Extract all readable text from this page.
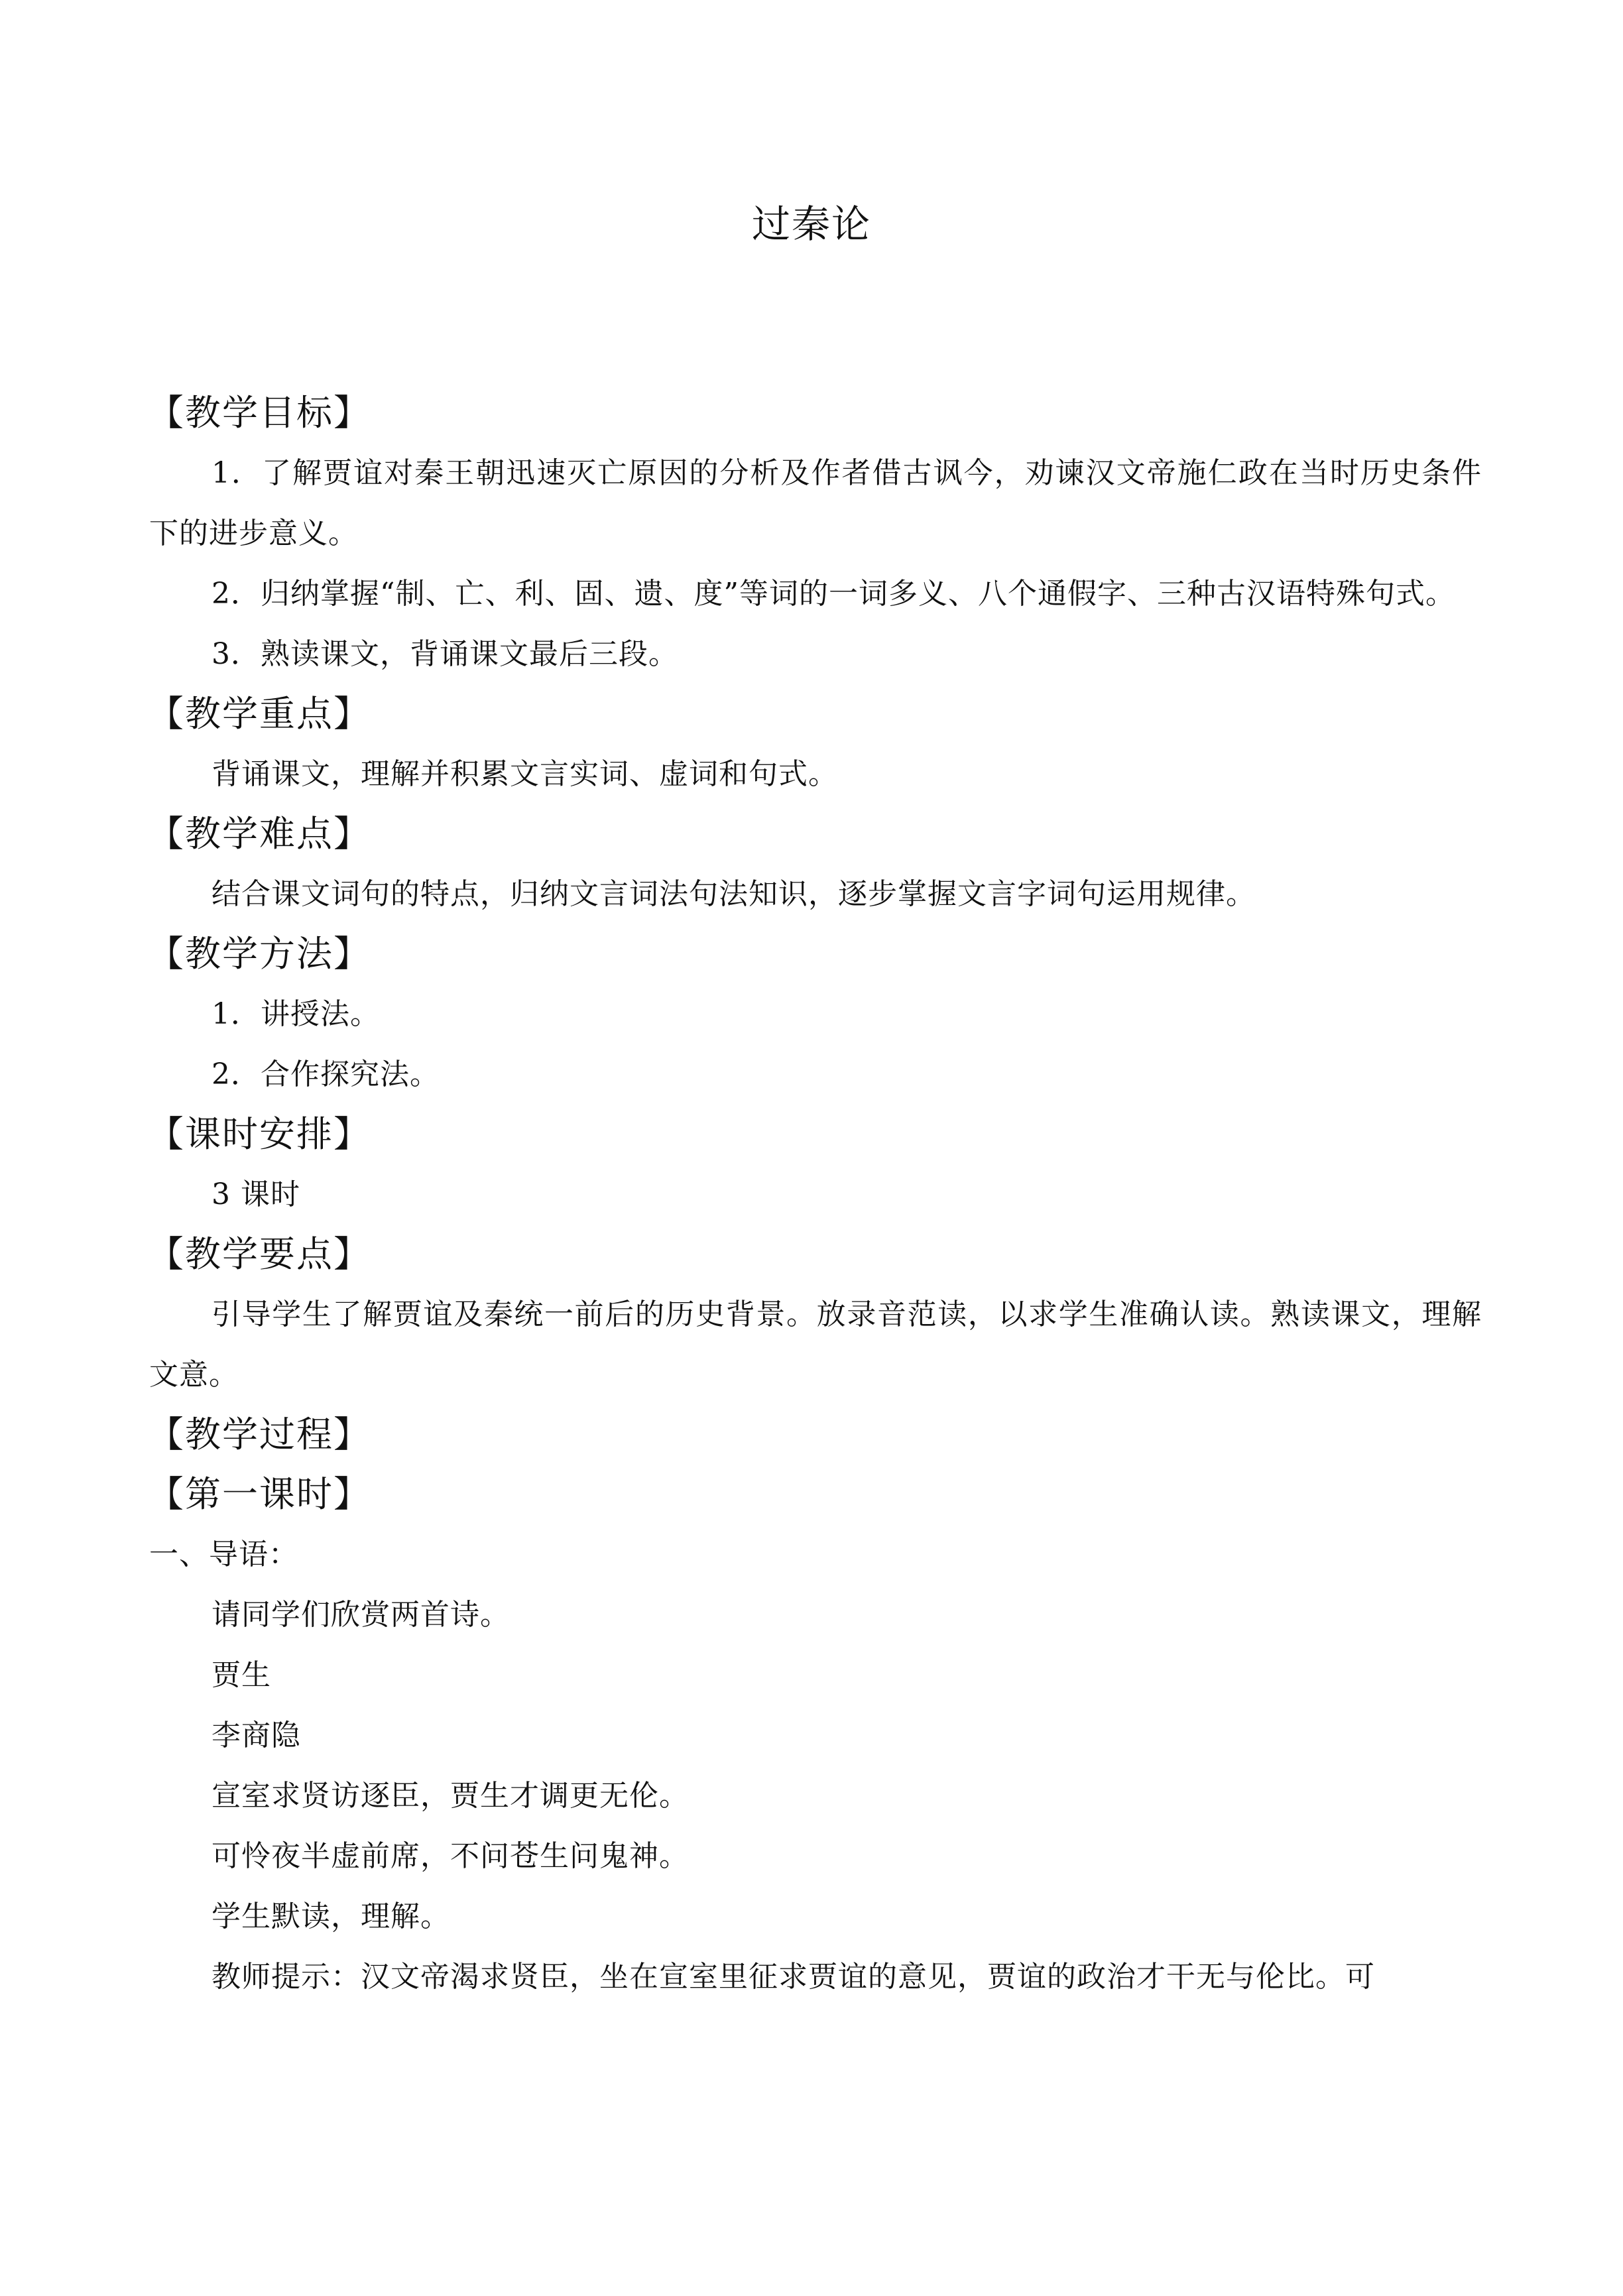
过秦论
【教学目标】
1．了解贾谊对秦王朝迅速灭亡原因的分析及作者借古讽今，劝谏汉文帝施仁政在当时历史条件下的进步意义。
2．归纳掌握“制、亡、利、固、遗、度”等词的一词多义、八个通假字、三种古汉语特殊句式。
3．熟读课文，背诵课文最后三段。
【教学重点】
背诵课文，理解并积累文言实词、虚词和句式。
【教学难点】
结合课文词句的特点，归纳文言词法句法知识，逐步掌握文言字词句运用规律。
【教学方法】
1．讲授法。
2．合作探究法。
【课时安排】
3 课时
【教学要点】
引导学生了解贾谊及秦统一前后的历史背景。放录音范读，以求学生准确认读。熟读课文，理解文意。
【教学过程】
【第一课时】
一、导语：
请同学们欣赏两首诗。
贾生
李商隐
宣室求贤访逐臣，贾生才调更无伦。
可怜夜半虚前席，不问苍生问鬼神。
学生默读，理解。
教师提示：汉文帝渴求贤臣，坐在宣室里征求贾谊的意见，贾谊的政治才干无与伦比。可
